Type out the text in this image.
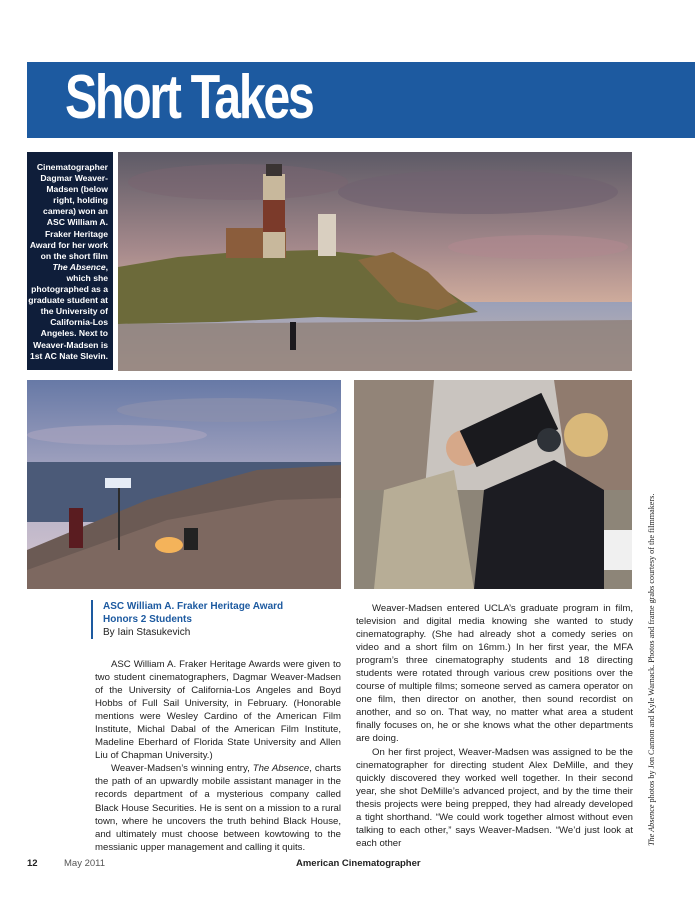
Short Takes
Cinematographer Dagmar Weaver-Madsen (below right, holding camera) won an ASC William A. Fraker Heritage Award for her work on the short film The Absence, which she photographed as a graduate student at the University of California-Los Angeles. Next to Weaver-Madsen is 1st AC Nate Slevin.
The Absence photos by Jon Cannon and Kyle Warnack. Photos and frame grabs courtesy of the filmmakers.
ASC William A. Fraker Heritage Award
Honors 2 Students
By Iain Stasukevich

ASC William A. Fraker Heritage Awards were given to two student cinematographers, Dagmar Weaver-Madsen of the University of California-Los Angeles and Boyd Hobbs of Full Sail University, in February. (Honorable mentions were Wesley Cardino of the American Film Institute, Michal Dabal of the American Film Institute, Madeline Eberhard of Florida State University and Allen Liu of Chapman University.)

Weaver-Madsen’s winning entry, The Absence, charts the path of an upwardly mobile assistant manager in the records department of a mysterious company called Black House Securities. He is sent on a mission to a rural town, where he uncovers the truth behind Black House, and ultimately must choose between kowtowing to the messianic upper management and calling it quits.

Weaver-Madsen entered UCLA’s graduate program in film, television and digital media knowing she wanted to study cinematography. (She had already shot a comedy series on video and a short film on 16mm.) In her first year, the MFA program’s three cinematography students and 18 directing students were rotated through various crew positions over the course of multiple films; someone served as camera operator on one film, then director on another, then sound recordist on another, and so on. That way, no matter what area a student finally focuses on, he or she knows what the other departments are doing.

On her first project, Weaver-Madsen was assigned to be the cinematographer for directing student Alex DeMille, and they quickly discovered they worked well together. In their second year, she shot DeMille’s advanced project, and by the time their thesis projects were being prepped, they had already developed a tight shorthand. “We could work together almost without even talking to each other,” says Weaver-Madsen. “We’d just look at each other

12	May 2011	American Cinematographer
